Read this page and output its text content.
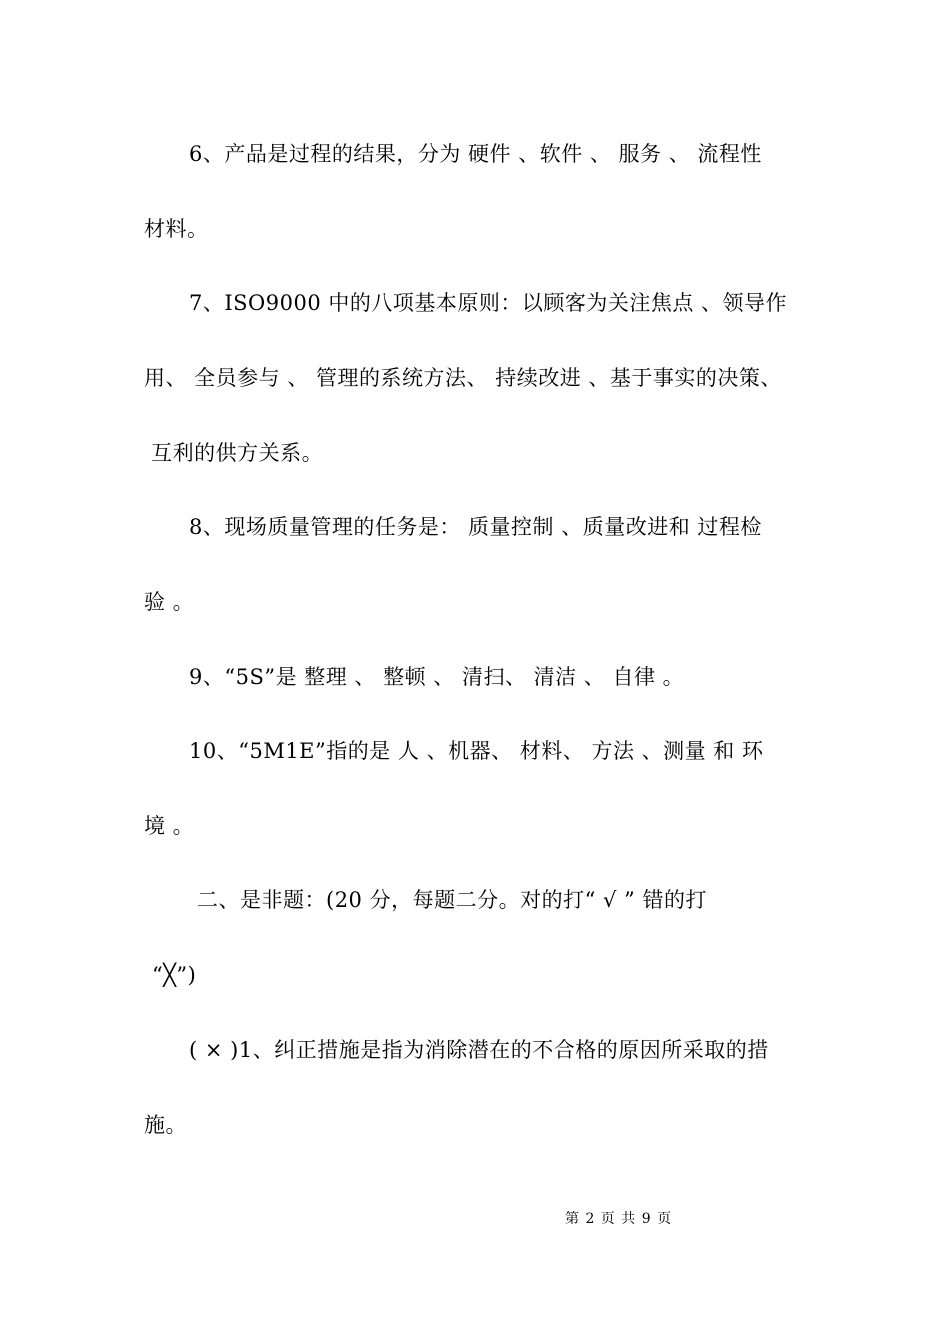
6、产品是过程的结果，分为 硬件 、软件 、 服务 、 流程性
材料。
7、ISO9000 中的八项基本原则：以顾客为关注焦点 、领导作
用、 全员参与 、 管理的系统方法、 持续改进 、基于事实的决策、
互利的供方关系。
8、现场质量管理的任务是： 质量控制 、质量改进和 过程检
验 。
9、“5S”是 整理 、 整顿 、 清扫、 清洁 、 自律 。
10、“5M1E”指的是 人 、机器、 材料、 方法 、测量 和 环
境 。
二、是非题：(20 分，每题二分。对的打“ √ ” 错的打
“╳”)
( × )1、纠正措施是指为消除潜在的不合格的原因所采取的措
施。
第 2 页 共 9 页
